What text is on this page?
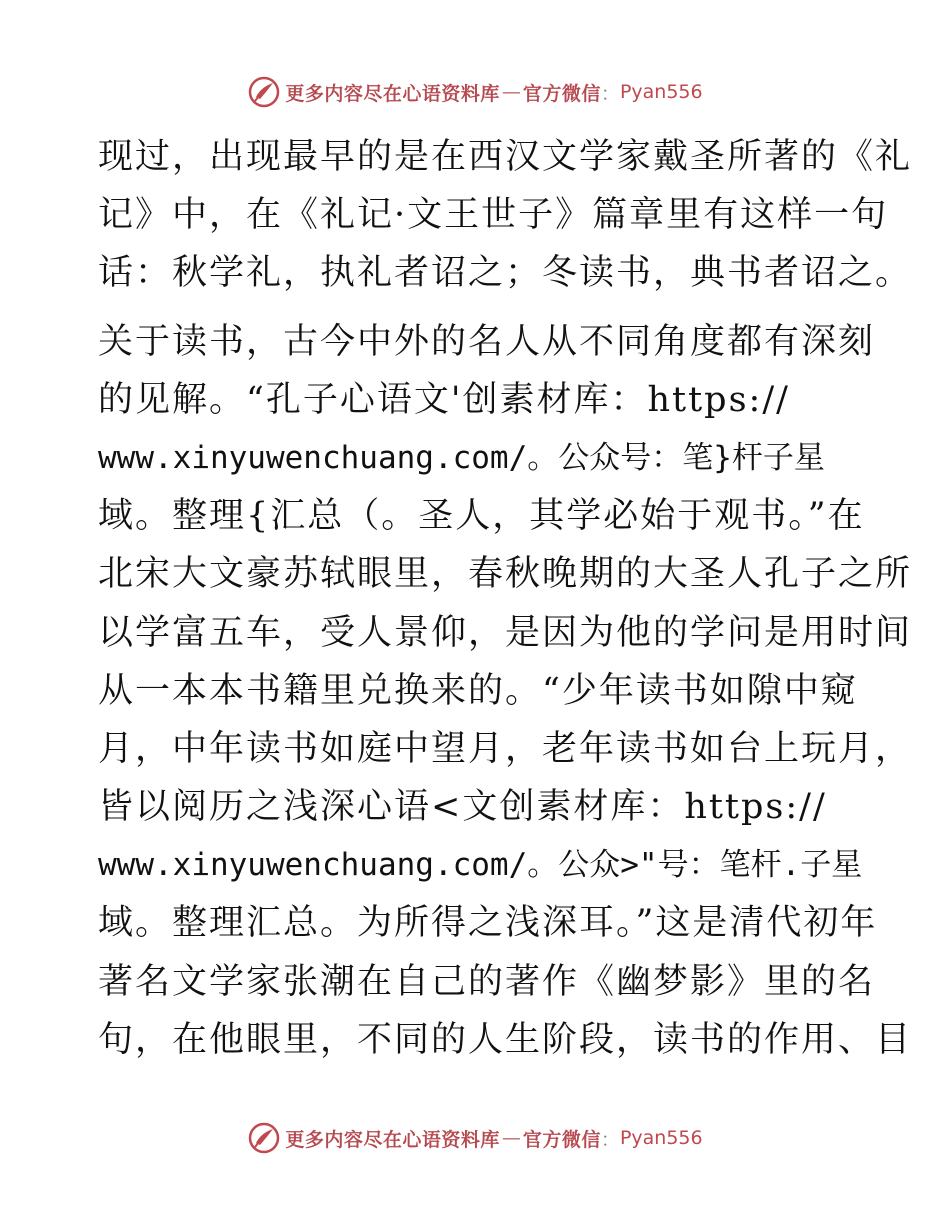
更多内容尽在心语资料库 — 官方微信 ： Pyan556
现过，出现最早的是在西汉文学家戴圣所著的《礼
记》中，在《礼记·文王世子》篇章里有这样一句
话：秋学礼，执礼者诏之；冬读书，典书者诏之。
关于读书，古今中外的名人从不同角度都有深刻
的见解。“孔子心语文'创素材库：https://
www.xinyuwenchuang.com/。公众号：笔}杆子星
域。整理{汇总（。圣人，其学必始于观书。”在
北宋大文豪苏轼眼里，春秋晚期的大圣人孔子之所
以学富五车，受人景仰，是因为他的学问是用时间
从一本本书籍里兑换来的。“少年读书如隙中窥
月，中年读书如庭中望月，老年读书如台上玩月，
皆以阅历之浅深心语<文创素材库：https://
www.xinyuwenchuang.com/。公众>"号：笔杆.子星
域。整理汇总。为所得之浅深耳。”这是清代初年
著名文学家张潮在自己的著作《幽梦影》里的名
句，在他眼里，不同的人生阶段，读书的作用、目
更多内容尽在心语资料库 — 官方微信 ： Pyan556
